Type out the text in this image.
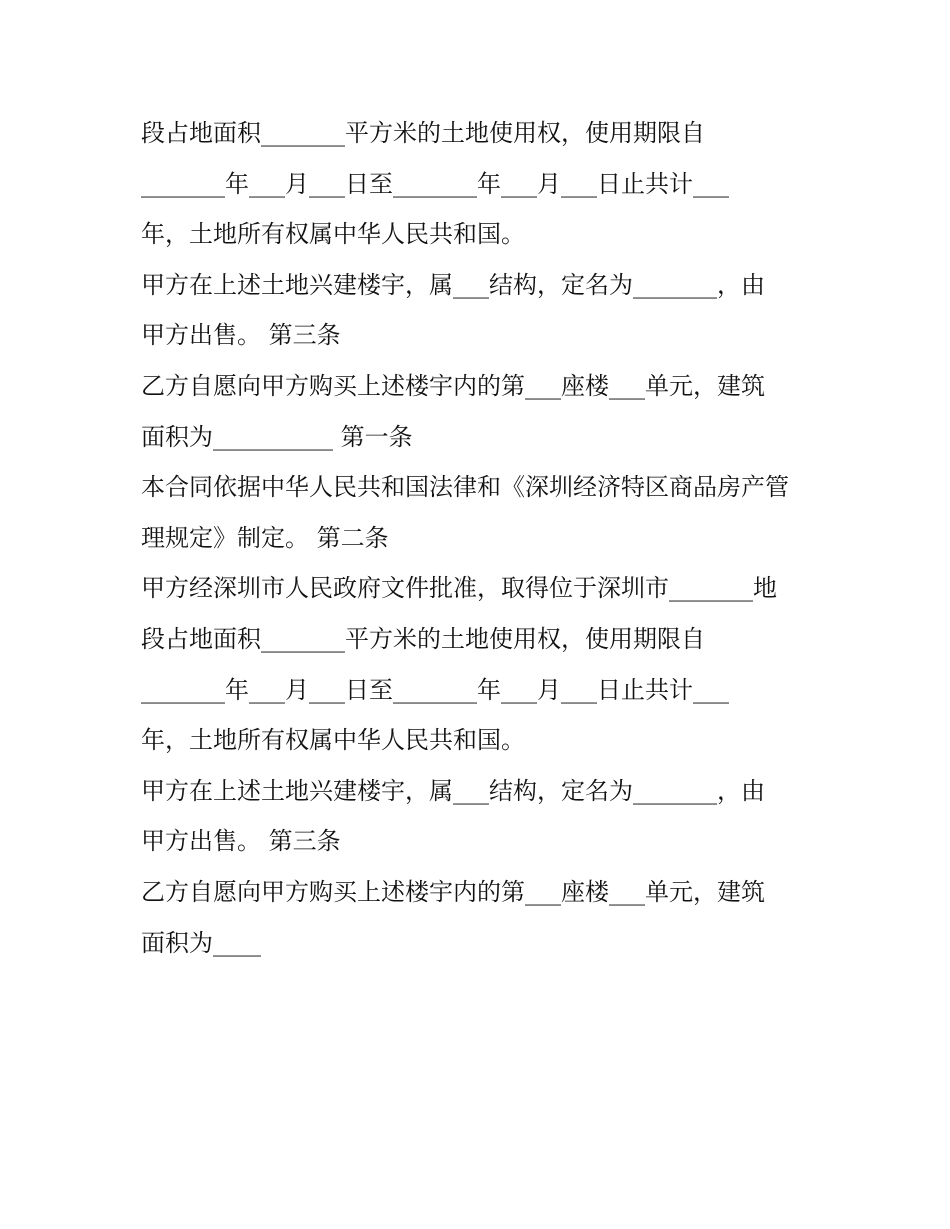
段占地面积_______平方米的土地使用权，使用期限自
_______年___月___日至_______年___月___日止共计___
年，土地所有权属中华人民共和国。
甲方在上述土地兴建楼宇，属___结构，定名为_______，由
甲方出售。 第三条
乙方自愿向甲方购买上述楼宇内的第___座楼___单元，建筑
面积为__________ 第一条
本合同依据中华人民共和国法律和《深圳经济特区商品房产管
理规定》制定。 第二条
甲方经深圳市人民政府文件批准，取得位于深圳市_______地
段占地面积_______平方米的土地使用权，使用期限自
_______年___月___日至_______年___月___日止共计___
年，土地所有权属中华人民共和国。
甲方在上述土地兴建楼宇，属___结构，定名为_______，由
甲方出售。 第三条
乙方自愿向甲方购买上述楼宇内的第___座楼___单元，建筑
面积为____
